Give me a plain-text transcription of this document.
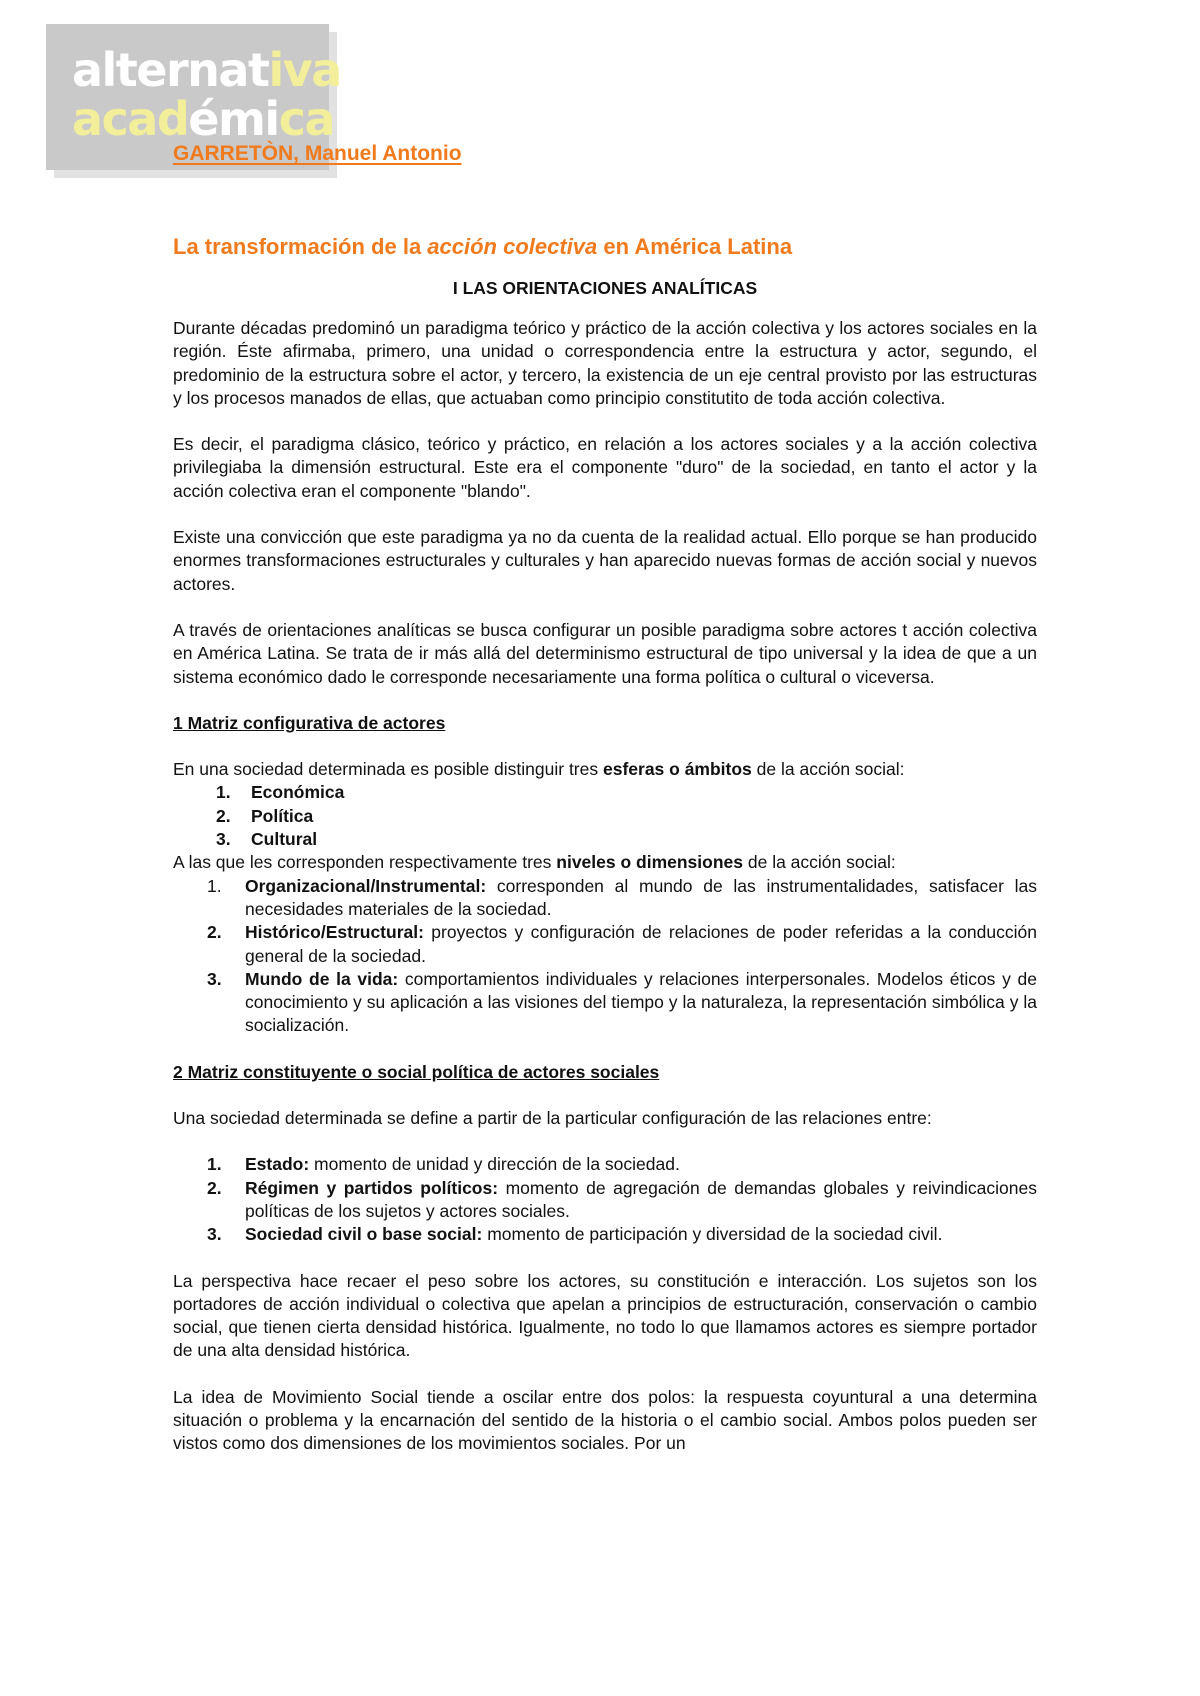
alternativa
académica
GARRETÒN, Manuel Antonio
La transformación de la acción colectiva en América Latina
I LAS ORIENTACIONES ANALÍTICAS

Durante décadas predominó un paradigma teórico y práctico de la acción colectiva y los actores sociales en la región. Éste afirmaba, primero, una unidad o correspondencia entre la estructura y actor, segundo, el predominio de la estructura sobre el actor, y tercero, la existencia de un eje central provisto por las estructuras y los procesos manados de ellas, que actuaban como principio constitutito de toda acción colectiva.

Es decir, el paradigma clásico, teórico y práctico, en relación a los actores sociales y a la acción colectiva privilegiaba la dimensión estructural. Este era el componente "duro" de la sociedad, en tanto el actor y la acción colectiva eran el componente "blando".

Existe una convicción que este paradigma ya no da cuenta de la realidad actual. Ello porque se han producido enormes transformaciones estructurales y culturales y han aparecido nuevas formas de acción social y nuevos actores.

A través de orientaciones analíticas se busca configurar un posible paradigma sobre actores t acción colectiva en América Latina. Se trata de ir más allá del determinismo estructural de tipo universal y la idea de que a un sistema económico dado le corresponde necesariamente una forma política o cultural o viceversa.

1 Matriz configurativa de actores

En una sociedad determinada es posible distinguir tres esferas o ámbitos de la acción social:

1. Económica
2. Política
3. Cultural

A las que les corresponden respectivamente tres niveles o dimensiones de la acción social:

1. Organizacional/Instrumental: corresponden al mundo de las instrumentalidades, satisfacer las necesidades materiales de la sociedad.
2. Histórico/Estructural: proyectos y configuración de relaciones de poder referidas a la conducción general de la sociedad.
3. Mundo de la vida: comportamientos individuales y relaciones interpersonales. Modelos éticos y de conocimiento y su aplicación a las visiones del tiempo y la naturaleza, la representación simbólica y la socialización.
2 Matriz constituyente o social política de actores sociales

Una sociedad determinada se define a partir de la particular configuración de las relaciones entre:

1. Estado: momento de unidad y dirección de la sociedad.
2. Régimen y partidos políticos: momento de agregación de demandas globales y reivindicaciones políticas de los sujetos y actores sociales.
3. Sociedad civil o base social: momento de participación y diversidad de la sociedad civil.

La perspectiva hace recaer el peso sobre los actores, su constitución e interacción. Los sujetos son los portadores de acción individual o colectiva que apelan a principios de estructuración, conservación o cambio social, que tienen cierta densidad histórica. Igualmente, no todo lo que llamamos actores es siempre portador de una alta densidad histórica.

La idea de Movimiento Social tiende a oscilar entre dos polos: la respuesta coyuntural a una determina situación o problema y la encarnación del sentido de la historia o el cambio social. Ambos polos pueden ser vistos como dos dimensiones de los movimientos sociales. Por un
